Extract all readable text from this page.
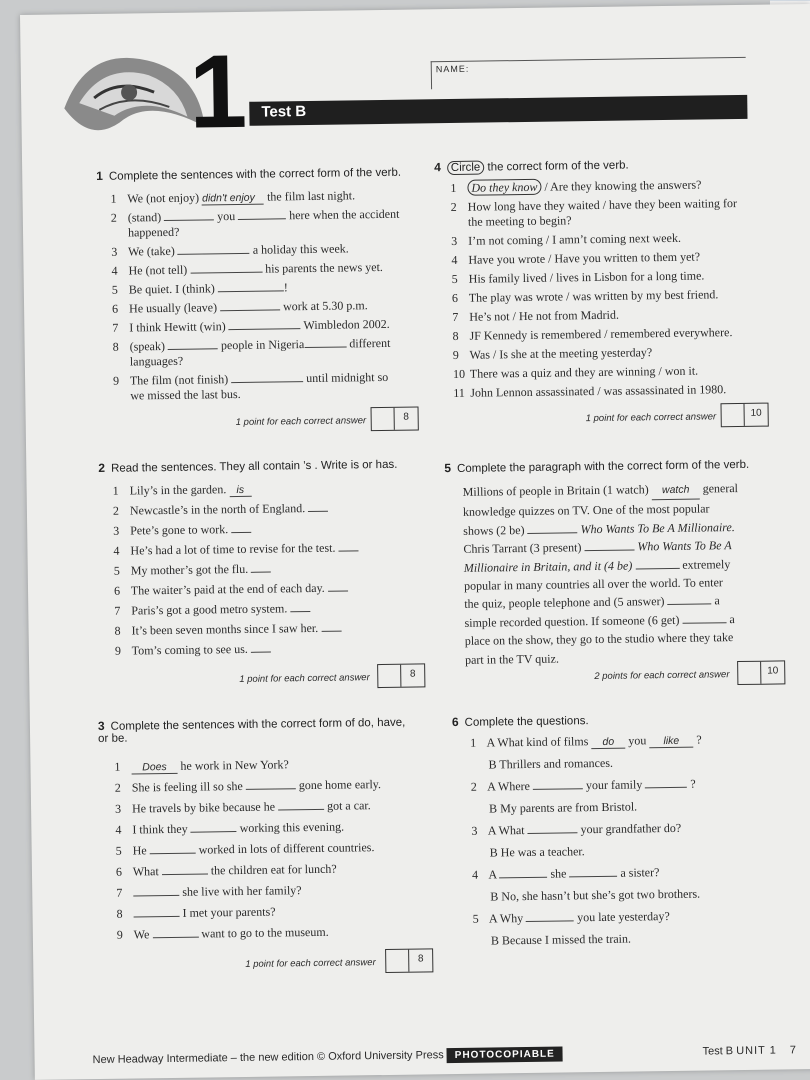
1	NAME:
Test B
1 Complete the sentences with the correct form of the verb.
1 We (not enjoy) didn't enjoy the film last night.
2 (stand)	you	here when the accident
happened?
3 We (take)	a holiday this week.
4 He (not tell)	his parents the news yet.
5 Be quiet. I (think)	!
6 He usually (leave)	work at 5.30 p.m.
7 I think Hewitt (win)	Wimbledon 2002.
8 (speak)	people in Nigeria	different
languages?
9 The film (not finish)	until midnight so
we missed the last bus.
1 point for each correct answer	8
4 Circle the correct form of the verb.
1 Do they know / Are they knowing the answers?
2 How long have they waited / have they been waiting for
the meeting to begin?
3 I’m not coming / I amn’t coming next week.
4 Have you wrote / Have you written to them yet?
5 His family lived / lives in Lisbon for a long time.
6 The play was wrote / was written by my best friend.
7 He’s not / He not from Madrid.
8 JF Kennedy is remembered / remembered everywhere.
9 Was / Is she at the meeting yesterday?
10 There was a quiz and they are winning / won it.
11 John Lennon assassinated / was assassinated in 1980.
1 point for each correct answer	10
2 Read the sentences. They all contain ’s . Write is or has.
1 Lily’s in the garden. is
2 Newcastle’s in the north of England.
3 Pete’s gone to work.
4 He’s had a lot of time to revise for the test.
5 My mother’s got the flu.
6 The waiter’s paid at the end of each day.
7 Paris’s got a good metro system.
8 It’s been seven months since I saw her.
9 Tom’s coming to see us.
1 point for each correct answer	8
5 Complete the paragraph with the correct form of the verb.
Millions of people in Britain (1 watch) watch general
knowledge quizzes on TV. One of the most popular
shows (2 be)	Who Wants To Be A Millionaire.
Chris Tarrant (3 present)	Who Wants To Be A
Millionaire in Britain, and it (4 be)	extremely
popular in many countries all over the world. To enter
the quiz, people telephone and (5 answer)	a
simple recorded question. If someone (6 get)	a
place on the show, they go to the studio where they take
part in the TV quiz.
2 points for each correct answer	10
3 Complete the sentences with the correct form of do, have,
or be.
1 Does he work in New York?
2 She is feeling ill so she	gone home early.
3 He travels by bike because he	got a car.
4 I think they	working this evening.
5 He	worked in lots of different countries.
6 What	the children eat for lunch?
7	she live with her family?
8	I met your parents?
9 We	want to go to the museum.
1 point for each correct answer	8
6 Complete the questions.
1 A What kind of films do you like ?
B Thrillers and romances.
2 A Where	your family	?
B My parents are from Bristol.
3 A What	your grandfather do?
B He was a teacher.
4 A	she	a sister?
B No, she hasn’t but she’s got two brothers.
5 A Why	you late yesterday?
B Because I missed the train.
New Headway Intermediate – the new edition © Oxford University Press PHOTOCOPIABLE	Test B UNIT 1 7
